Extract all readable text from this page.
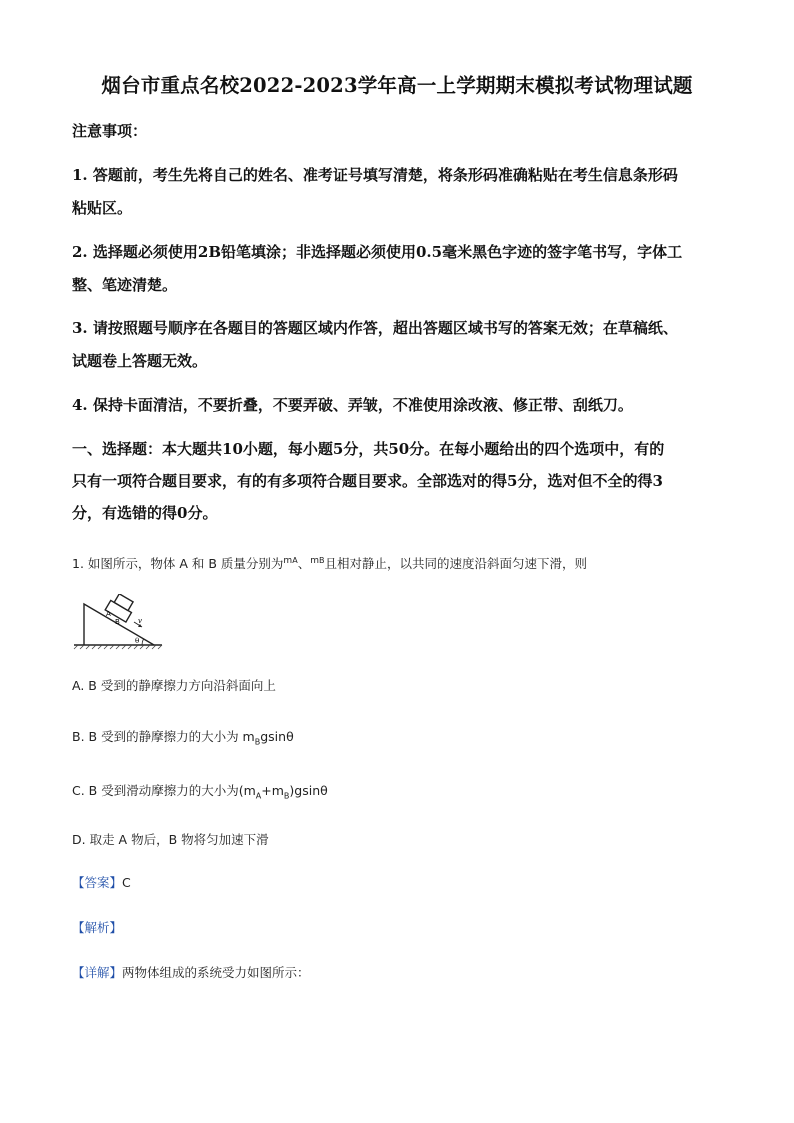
烟台市重点名校2022-2023学年高一上学期期末模拟考试物理试题
注意事项：
1. 答题前，考生先将自己的姓名、准考证号填写清楚，将条形码准确粘贴在考生信息条形码
粘贴区。
2. 选择题必须使用2B铅笔填涂；非选择题必须使用0.5毫米黑色字迹的签字笔书写，字体工
整、笔迹清楚。
3. 请按照题号顺序在各题目的答题区域内作答，超出答题区域书写的答案无效；在草稿纸、
试题卷上答题无效。
4. 保持卡面清洁，不要折叠，不要弄破、弄皱，不准使用涂改液、修正带、刮纸刀。
一、选择题：本大题共10小题，每小题5分，共50分。在每小题给出的四个选项中，有的
只有一项符合题目要求，有的有多项符合题目要求。全部选对的得5分，选对但不全的得3
分，有选错的得0分。
1. 如图所示，物体 A 和 B 质量分别为$^{mA}$、$^{mB}$且相对静止，以共同的速度沿斜面匀速下滑，则
A
B	v
θ
A. B 受到的静摩擦力方向沿斜面向上
B. B 受到的静摩擦力的大小为 $m_Bgsin\theta$
C. B 受到滑动摩擦力的大小为$(m_A+m_B)gsin\theta$
D. 取走 A 物后，B 物将匀加速下滑
【答案】C
【解析】
【详解】两物体组成的系统受力如图所示：
